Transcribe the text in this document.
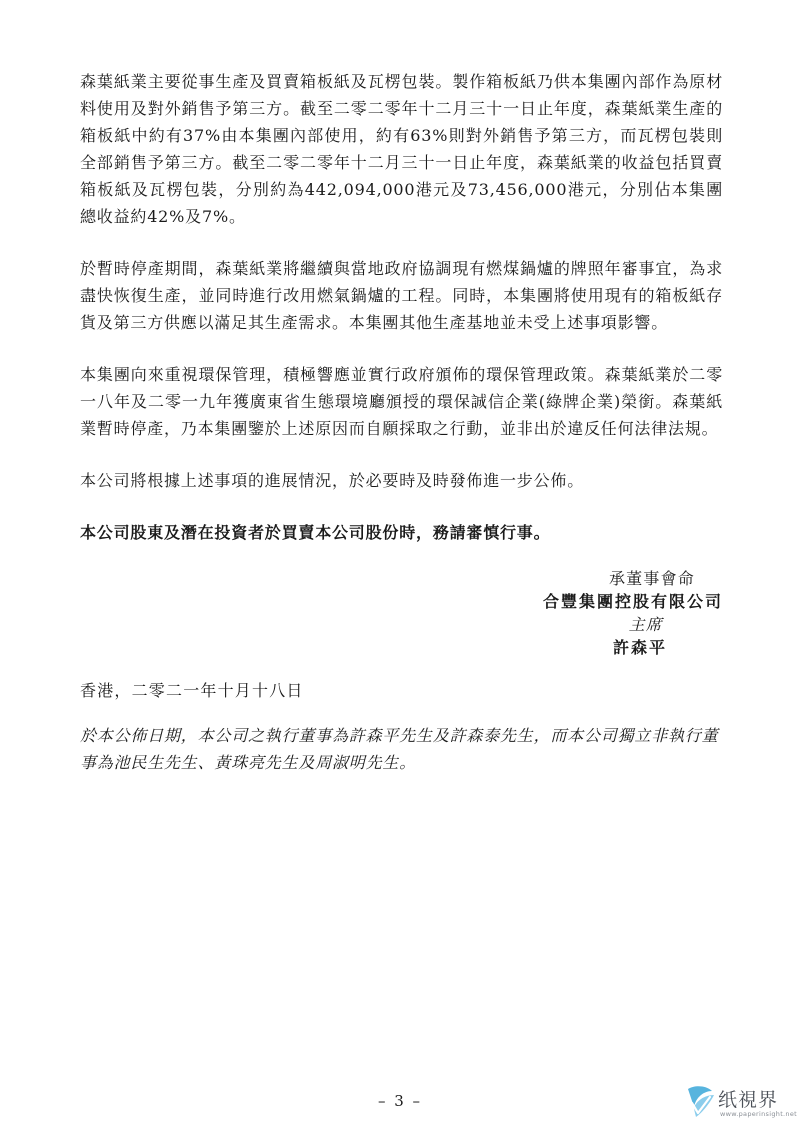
森葉紙業主要從事生產及買賣箱板紙及瓦楞包裝。製作箱板紙乃供本集團內部作為原材料使用及對外銷售予第三方。截至二零二零年十二月三十一日止年度，森葉紙業生產的箱板紙中約有37%由本集團內部使用，約有63%則對外銷售予第三方，而瓦楞包裝則全部銷售予第三方。截至二零二零年十二月三十一日止年度，森葉紙業的收益包括買賣箱板紙及瓦楞包裝，分別約為442,094,000港元及73,456,000港元，分別佔本集團總收益約42%及7%。

於暫時停產期間，森葉紙業將繼續與當地政府協調現有燃煤鍋爐的牌照年審事宜，為求盡快恢復生產，並同時進行改用燃氣鍋爐的工程。同時，本集團將使用現有的箱板紙存貨及第三方供應以滿足其生產需求。本集團其他生產基地並未受上述事項影響。

本集團向來重視環保管理，積極響應並實行政府頒佈的環保管理政策。森葉紙業於二零一八年及二零一九年獲廣東省生態環境廳頒授的環保誠信企業(綠牌企業)榮銜。森葉紙業暫時停產，乃本集團鑒於上述原因而自願採取之行動，並非出於違反任何法律法規。

本公司將根據上述事項的進展情況，於必要時及時發佈進一步公佈。

本公司股東及潛在投資者於買賣本公司股份時，務請審慎行事。

承董事會命
合豐集團控股有限公司
主席
許森平

香港，二零二一年十月十八日

於本公佈日期，本公司之執行董事為許森平先生及許森泰先生，而本公司獨立非執行董事為池民生先生、黃珠亮先生及周淑明先生。

– 3 –	纸視界
www.paperinsight.net
